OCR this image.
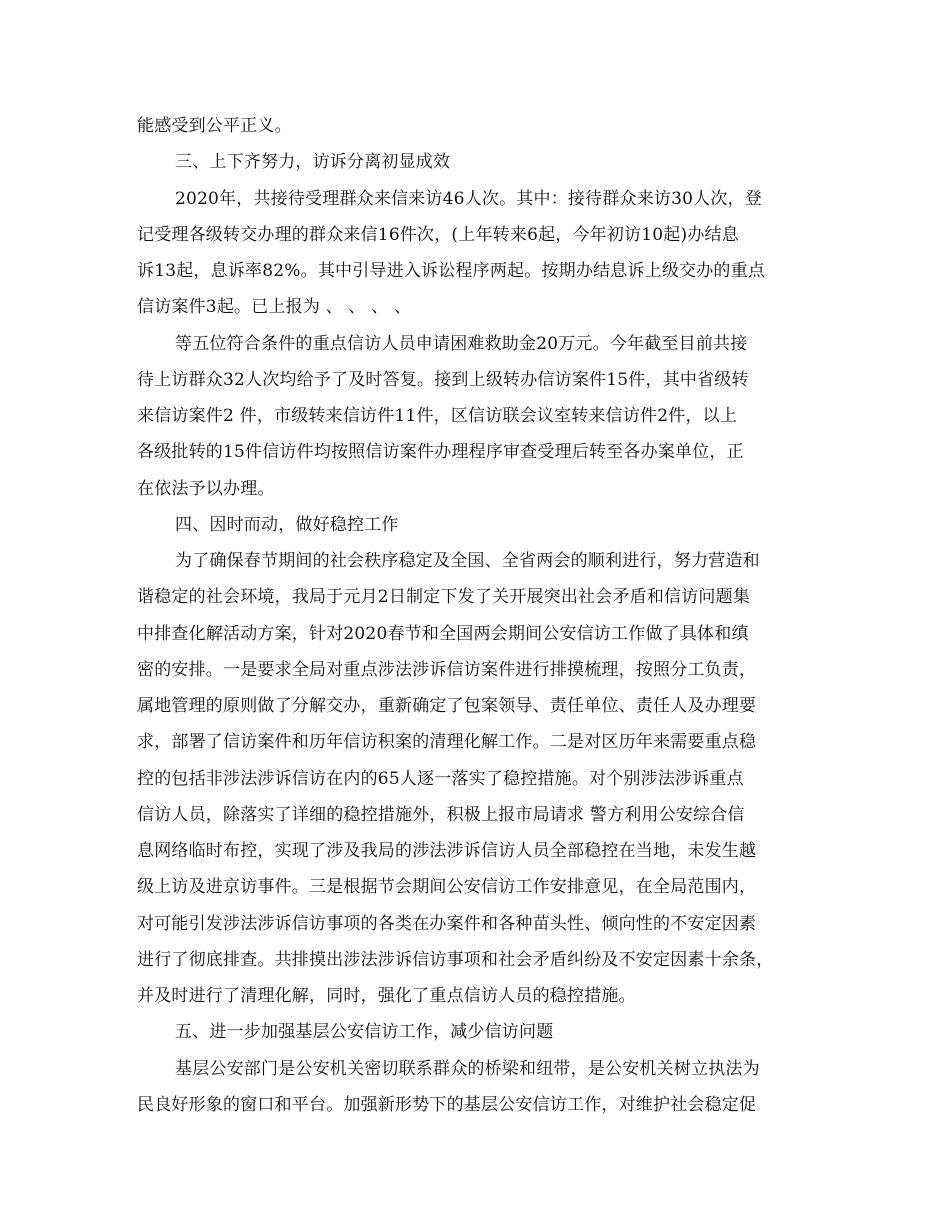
能感受到公平正义。
三、上下齐努力，访诉分离初显成效
2020年，共接待受理群众来信来访46人次。其中：接待群众来访30人次，登
记受理各级转交办理的群众来信16件次，(上年转来6起，今年初访10起)办结息
诉13起，息诉率82%。其中引导进入诉讼程序两起。按期办结息诉上级交办的重点
信访案件3起。已上报为 、 、 、 、
等五位符合条件的重点信访人员申请困难救助金20万元。今年截至目前共接
待上访群众32人次均给予了及时答复。接到上级转办信访案件15件，其中省级转
来信访案件2 件，市级转来信访件11件，区信访联会议室转来信访件2件，以上
各级批转的15件信访件均按照信访案件办理程序审查受理后转至各办案单位，正
在依法予以办理。
四、因时而动，做好稳控工作
为了确保春节期间的社会秩序稳定及全国、全省两会的顺利进行，努力营造和
谐稳定的社会环境，我局于元月2日制定下发了关开展突出社会矛盾和信访问题集
中排查化解活动方案，针对2020春节和全国两会期间公安信访工作做了具体和缜
密的安排。一是要求全局对重点涉法涉诉信访案件进行排摸梳理，按照分工负责，
属地管理的原则做了分解交办，重新确定了包案领导、责任单位、责任人及办理要
求，部署了信访案件和历年信访积案的清理化解工作。二是对区历年来需要重点稳
控的包括非涉法涉诉信访在内的65人逐一落实了稳控措施。对个别涉法涉诉重点
信访人员，除落实了详细的稳控措施外，积极上报市局请求 警方利用公安综合信
息网络临时布控，实现了涉及我局的涉法涉诉信访人员全部稳控在当地，未发生越
级上访及进京访事件。三是根据节会期间公安信访工作安排意见，在全局范围内，
对可能引发涉法涉诉信访事项的各类在办案件和各种苗头性、倾向性的不安定因素
进行了彻底排查。共排摸出涉法涉诉信访事项和社会矛盾纠纷及不安定因素十余条，
并及时进行了清理化解，同时，强化了重点信访人员的稳控措施。
五、进一步加强基层公安信访工作，减少信访问题
基层公安部门是公安机关密切联系群众的桥梁和纽带，是公安机关树立执法为
民良好形象的窗口和平台。加强新形势下的基层公安信访工作，对维护社会稳定促
